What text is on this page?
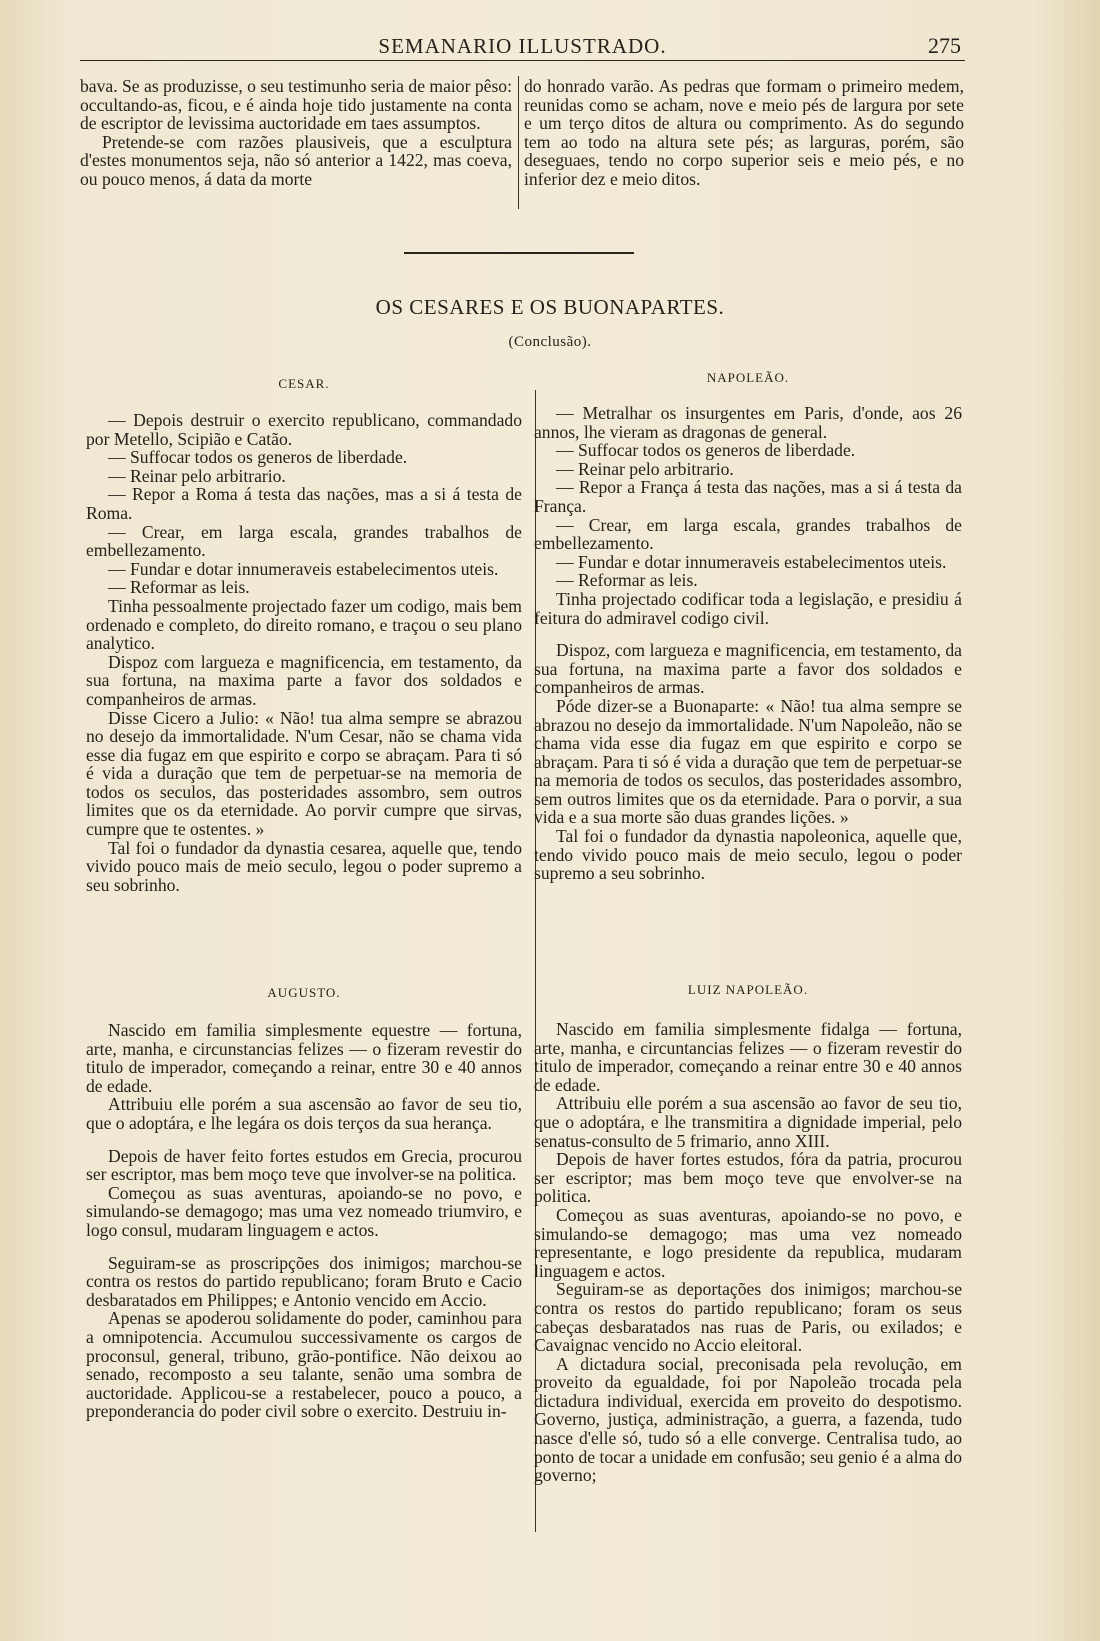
SEMANARIO ILLUSTRADO.	275

bava. Se as produzisse, o seu testimunho seria de maior pêso: occultando-as, ficou, e é ainda hoje tido justamente na conta de escriptor de levissima auctoridade em taes assumptos.

Pretende-se com razões plausiveis, que a esculptura d'estes monumentos seja, não só anterior a 1422, mas coeva, ou pouco menos, á data da morte

do honrado varão. As pedras que formam o primeiro medem, reunidas como se acham, nove e meio pés de largura por sete e um terço ditos de altura ou comprimento. As do segundo tem ao todo na altura sete pés; as larguras, porém, são deseguaes, tendo no corpo superior seis e meio pés, e no inferior dez e meio ditos.

OS CESARES E OS BUONAPARTES.
(Conclusão).
CESAR.	NAPOLEÃO.

— Depois destruir o exercito republicano, commandado por Metello, Scipião e Catão.

— Suffocar todos os generos de liberdade.

— Reinar pelo arbitrario.

— Repor a Roma á testa das nações, mas a si á testa de Roma.

— Crear, em larga escala, grandes trabalhos de embellezamento.

— Fundar e dotar innumeraveis estabelecimentos uteis.

— Reformar as leis.

Tinha pessoalmente projectado fazer um codigo, mais bem ordenado e completo, do direito romano, e traçou o seu plano analytico.

Dispoz com largueza e magnificencia, em testamento, da sua fortuna, na maxima parte a favor dos soldados e companheiros de armas.

Disse Cicero a Julio: « Não! tua alma sempre se abrazou no desejo da immortalidade. N'um Cesar, não se chama vida esse dia fugaz em que espirito e corpo se abraçam. Para ti só é vida a duração que tem de perpetuar-se na memoria de todos os seculos, das posteridades assombro, sem outros limites que os da eternidade. Ao porvir cumpre que sirvas, cumpre que te ostentes. »

Tal foi o fundador da dynastia cesarea, aquelle que, tendo vivido pouco mais de meio seculo, legou o poder supremo a seu sobrinho.

— Metralhar os insurgentes em Paris, d'onde, aos 26 annos, lhe vieram as dragonas de general.

— Suffocar todos os generos de liberdade.

— Reinar pelo arbitrario.

— Repor a França á testa das nações, mas a si á testa da França.

— Crear, em larga escala, grandes trabalhos de embellezamento.

— Fundar e dotar innumeraveis estabelecimentos uteis.

— Reformar as leis.

Tinha projectado codificar toda a legislação, e presidiu á feitura do admiravel codigo civil.

Dispoz, com largueza e magnificencia, em testamento, da sua fortuna, na maxima parte a favor dos soldados e companheiros de armas.

Póde dizer-se a Buonaparte: « Não! tua alma sempre se abrazou no desejo da immortalidade. N'um Napoleão, não se chama vida esse dia fugaz em que espirito e corpo se abraçam. Para ti só é vida a duração que tem de perpetuar-se na memoria de todos os seculos, das posteridades assombro, sem outros limites que os da eternidade. Para o porvir, a sua vida e a sua morte são duas grandes lições. »

Tal foi o fundador da dynastia napoleonica, aquelle que, tendo vivido pouco mais de meio seculo, legou o poder supremo a seu sobrinho.

AUGUSTO.	LUIZ NAPOLEÃO.

Nascido em familia simplesmente equestre — fortuna, arte, manha, e circunstancias felizes — o fizeram revestir do titulo de imperador, começando a reinar, entre 30 e 40 annos de edade.

Attribuiu elle porém a sua ascensão ao favor de seu tio, que o adoptára, e lhe legára os dois terços da sua herança.

Depois de haver feito fortes estudos em Grecia, procurou ser escriptor, mas bem moço teve que involver-se na politica.

Começou as suas aventuras, apoiando-se no povo, e simulando-se demagogo; mas uma vez nomeado triumviro, e logo consul, mudaram linguagem e actos.

Seguiram-se as proscripções dos inimigos; marchou-se contra os restos do partido republicano; foram Bruto e Cacio desbaratados em Philippes; e Antonio vencido em Accio.

Apenas se apoderou solidamente do poder, caminhou para a omnipotencia. Accumulou successivamente os cargos de proconsul, general, tribuno, grão-pontifice. Não deixou ao senado, recomposto a seu talante, senão uma sombra de auctoridade. Applicou-se a restabelecer, pouco a pouco, a preponderancia do poder civil sobre o exercito. Destruiu in-

Nascido em familia simplesmente fidalga — fortuna, arte, manha, e circuntancias felizes — o fizeram revestir do titulo de imperador, começando a reinar entre 30 e 40 annos de edade.

Attribuiu elle porém a sua ascensão ao favor de seu tio, que o adoptára, e lhe transmitira a dignidade imperial, pelo senatus-consulto de 5 frimario, anno XIII.

Depois de haver fortes estudos, fóra da patria, procurou ser escriptor; mas bem moço teve que envolver-se na politica.

Começou as suas aventuras, apoiando-se no povo, e simulando-se demagogo; mas uma vez nomeado representante, e logo presidente da republica, mudaram linguagem e actos.

Seguiram-se as deportações dos inimigos; marchou-se contra os restos do partido republicano; foram os seus cabeças desbaratados nas ruas de Paris, ou exilados; e Cavaignac vencido no Accio eleitoral.

A dictadura social, preconisada pela revolução, em proveito da egualdade, foi por Napoleão trocada pela dictadura individual, exercida em proveito do despotismo. Governo, justiça, administração, a guerra, a fazenda, tudo nasce d'elle só, tudo só a elle converge. Centralisa tudo, ao ponto de tocar a unidade em confusão; seu genio é a alma do governo;
